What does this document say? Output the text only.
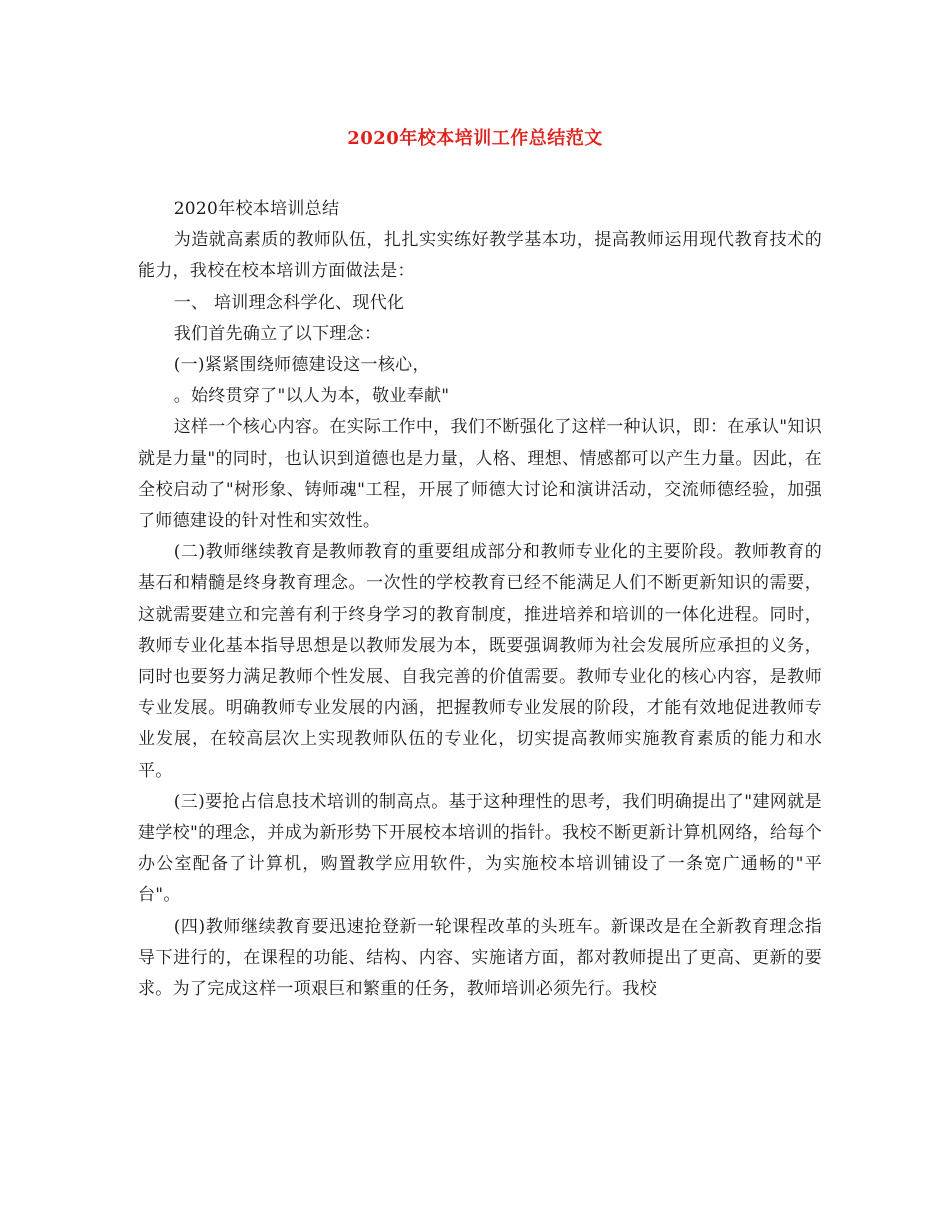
2020年校本培训工作总结范文

2020年校本培训总结

为造就高素质的教师队伍，扎扎实实练好教学基本功，提高教师运用现代教育技术的能力，我校在校本培训方面做法是：

一、 培训理念科学化、现代化

我们首先确立了以下理念：

(一)紧紧围绕师德建设这一核心，

。始终贯穿了"以人为本，敬业奉献"

这样一个核心内容。在实际工作中，我们不断强化了这样一种认识，即：在承认"知识就是力量"的同时，也认识到道德也是力量，人格、理想、情感都可以产生力量。因此，在全校启动了"树形象、铸师魂"工程，开展了师德大讨论和演讲活动，交流师德经验，加强了师德建设的针对性和实效性。

(二)教师继续教育是教师教育的重要组成部分和教师专业化的主要阶段。教师教育的基石和精髓是终身教育理念。一次性的学校教育已经不能满足人们不断更新知识的需要，这就需要建立和完善有利于终身学习的教育制度，推进培养和培训的一体化进程。同时，教师专业化基本指导思想是以教师发展为本，既要强调教师为社会发展所应承担的义务，同时也要努力满足教师个性发展、自我完善的价值需要。教师专业化的核心内容，是教师专业发展。明确教师专业发展的内涵，把握教师专业发展的阶段，才能有效地促进教师专业发展，在较高层次上实现教师队伍的专业化，切实提高教师实施教育素质的能力和水平。

(三)要抢占信息技术培训的制高点。基于这种理性的思考，我们明确提出了"建网就是建学校"的理念，并成为新形势下开展校本培训的指针。我校不断更新计算机网络，给每个办公室配备了计算机，购置教学应用软件，为实施校本培训铺设了一条宽广通畅的"平台"。

(四)教师继续教育要迅速抢登新一轮课程改革的头班车。新课改是在全新教育理念指导下进行的，在课程的功能、结构、内容、实施诸方面，都对教师提出了更高、更新的要求。为了完成这样一项艰巨和繁重的任务，教师培训必须先行。我校
